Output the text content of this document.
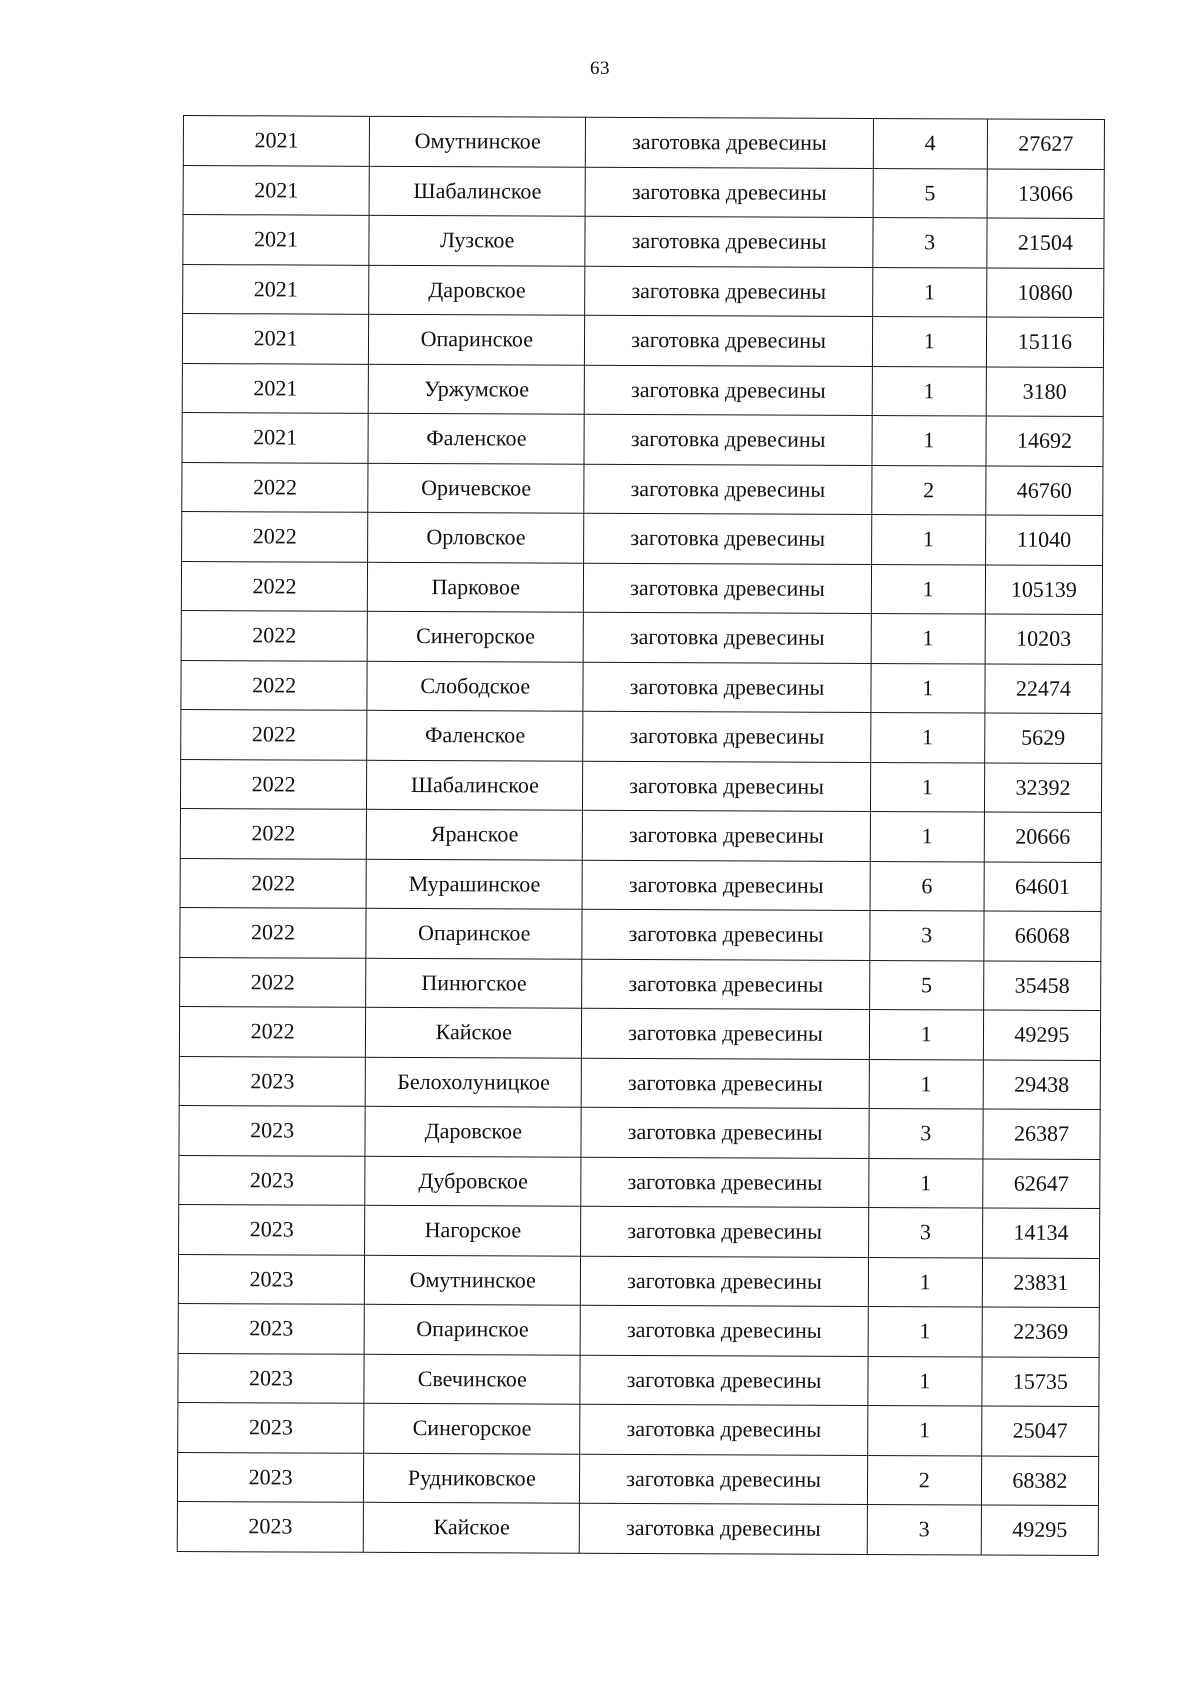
63
2021	Омутнинское	заготовка древесины	4	27627
2021	Шабалинское	заготовка древесины	5	13066
2021	Лузское	заготовка древесины	3	21504
2021	Даровское	заготовка древесины	1	10860
2021	Опаринское	заготовка древесины	1	15116
2021	Уржумское	заготовка древесины	1	3180
2021	Фаленское	заготовка древесины	1	14692
2022	Оричевское	заготовка древесины	2	46760
2022	Орловское	заготовка древесины	1	11040
2022	Парковое	заготовка древесины	1	105139
2022	Синегорское	заготовка древесины	1	10203
2022	Слободское	заготовка древесины	1	22474
2022	Фаленское	заготовка древесины	1	5629
2022	Шабалинское	заготовка древесины	1	32392
2022	Яранское	заготовка древесины	1	20666
2022	Мурашинское	заготовка древесины	6	64601
2022	Опаринское	заготовка древесины	3	66068
2022	Пинюгское	заготовка древесины	5	35458
2022	Кайское	заготовка древесины	1	49295
2023	Белохолуницкое	заготовка древесины	1	29438
2023	Даровское	заготовка древесины	3	26387
2023	Дубровское	заготовка древесины	1	62647
2023	Нагорское	заготовка древесины	3	14134
2023	Омутнинское	заготовка древесины	1	23831
2023	Опаринское	заготовка древесины	1	22369
2023	Свечинское	заготовка древесины	1	15735
2023	Синегорское	заготовка древесины	1	25047
2023	Рудниковское	заготовка древесины	2	68382
2023	Кайское	заготовка древесины	3	49295
